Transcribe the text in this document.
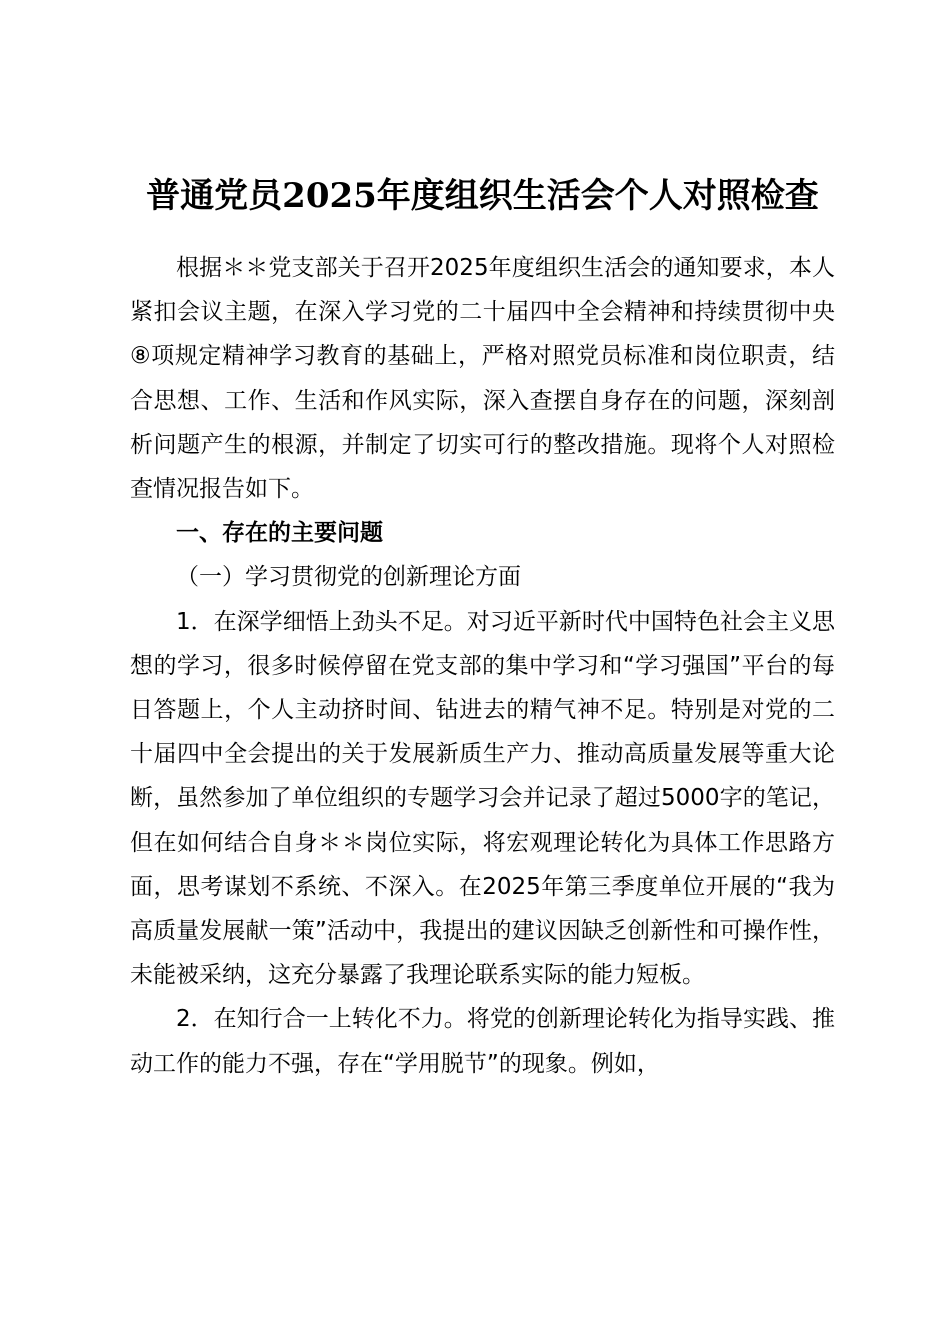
普通党员2025年度组织生活会个人对照检查

根据＊＊党支部关于召开2025年度组织生活会的通知要求，本人紧扣会议主题，在深入学习党的二十届四中全会精神和持续贯彻中央⑧项规定精神学习教育的基础上，严格对照党员标准和岗位职责，结合思想、工作、生活和作风实际，深入查摆自身存在的问题，深刻剖析问题产生的根源，并制定了切实可行的整改措施。现将个人对照检查情况报告如下。

一、存在的主要问题

（一）学习贯彻党的创新理论方面

1．在深学细悟上劲头不足。对习近平新时代中国特色社会主义思想的学习，很多时候停留在党支部的集中学习和“学习强国”平台的每日答题上，个人主动挤时间、钻进去的精气神不足。特别是对党的二十届四中全会提出的关于发展新质生产力、推动高质量发展等重大论断，虽然参加了单位组织的专题学习会并记录了超过5000字的笔记，但在如何结合自身＊＊岗位实际，将宏观理论转化为具体工作思路方面，思考谋划不系统、不深入。在2025年第三季度单位开展的“我为高质量发展献一策”活动中，我提出的建议因缺乏创新性和可操作性，未能被采纳，这充分暴露了我理论联系实际的能力短板。

2．在知行合一上转化不力。将党的创新理论转化为指导实践、推动工作的能力不强，存在“学用脱节”的现象。例如，
